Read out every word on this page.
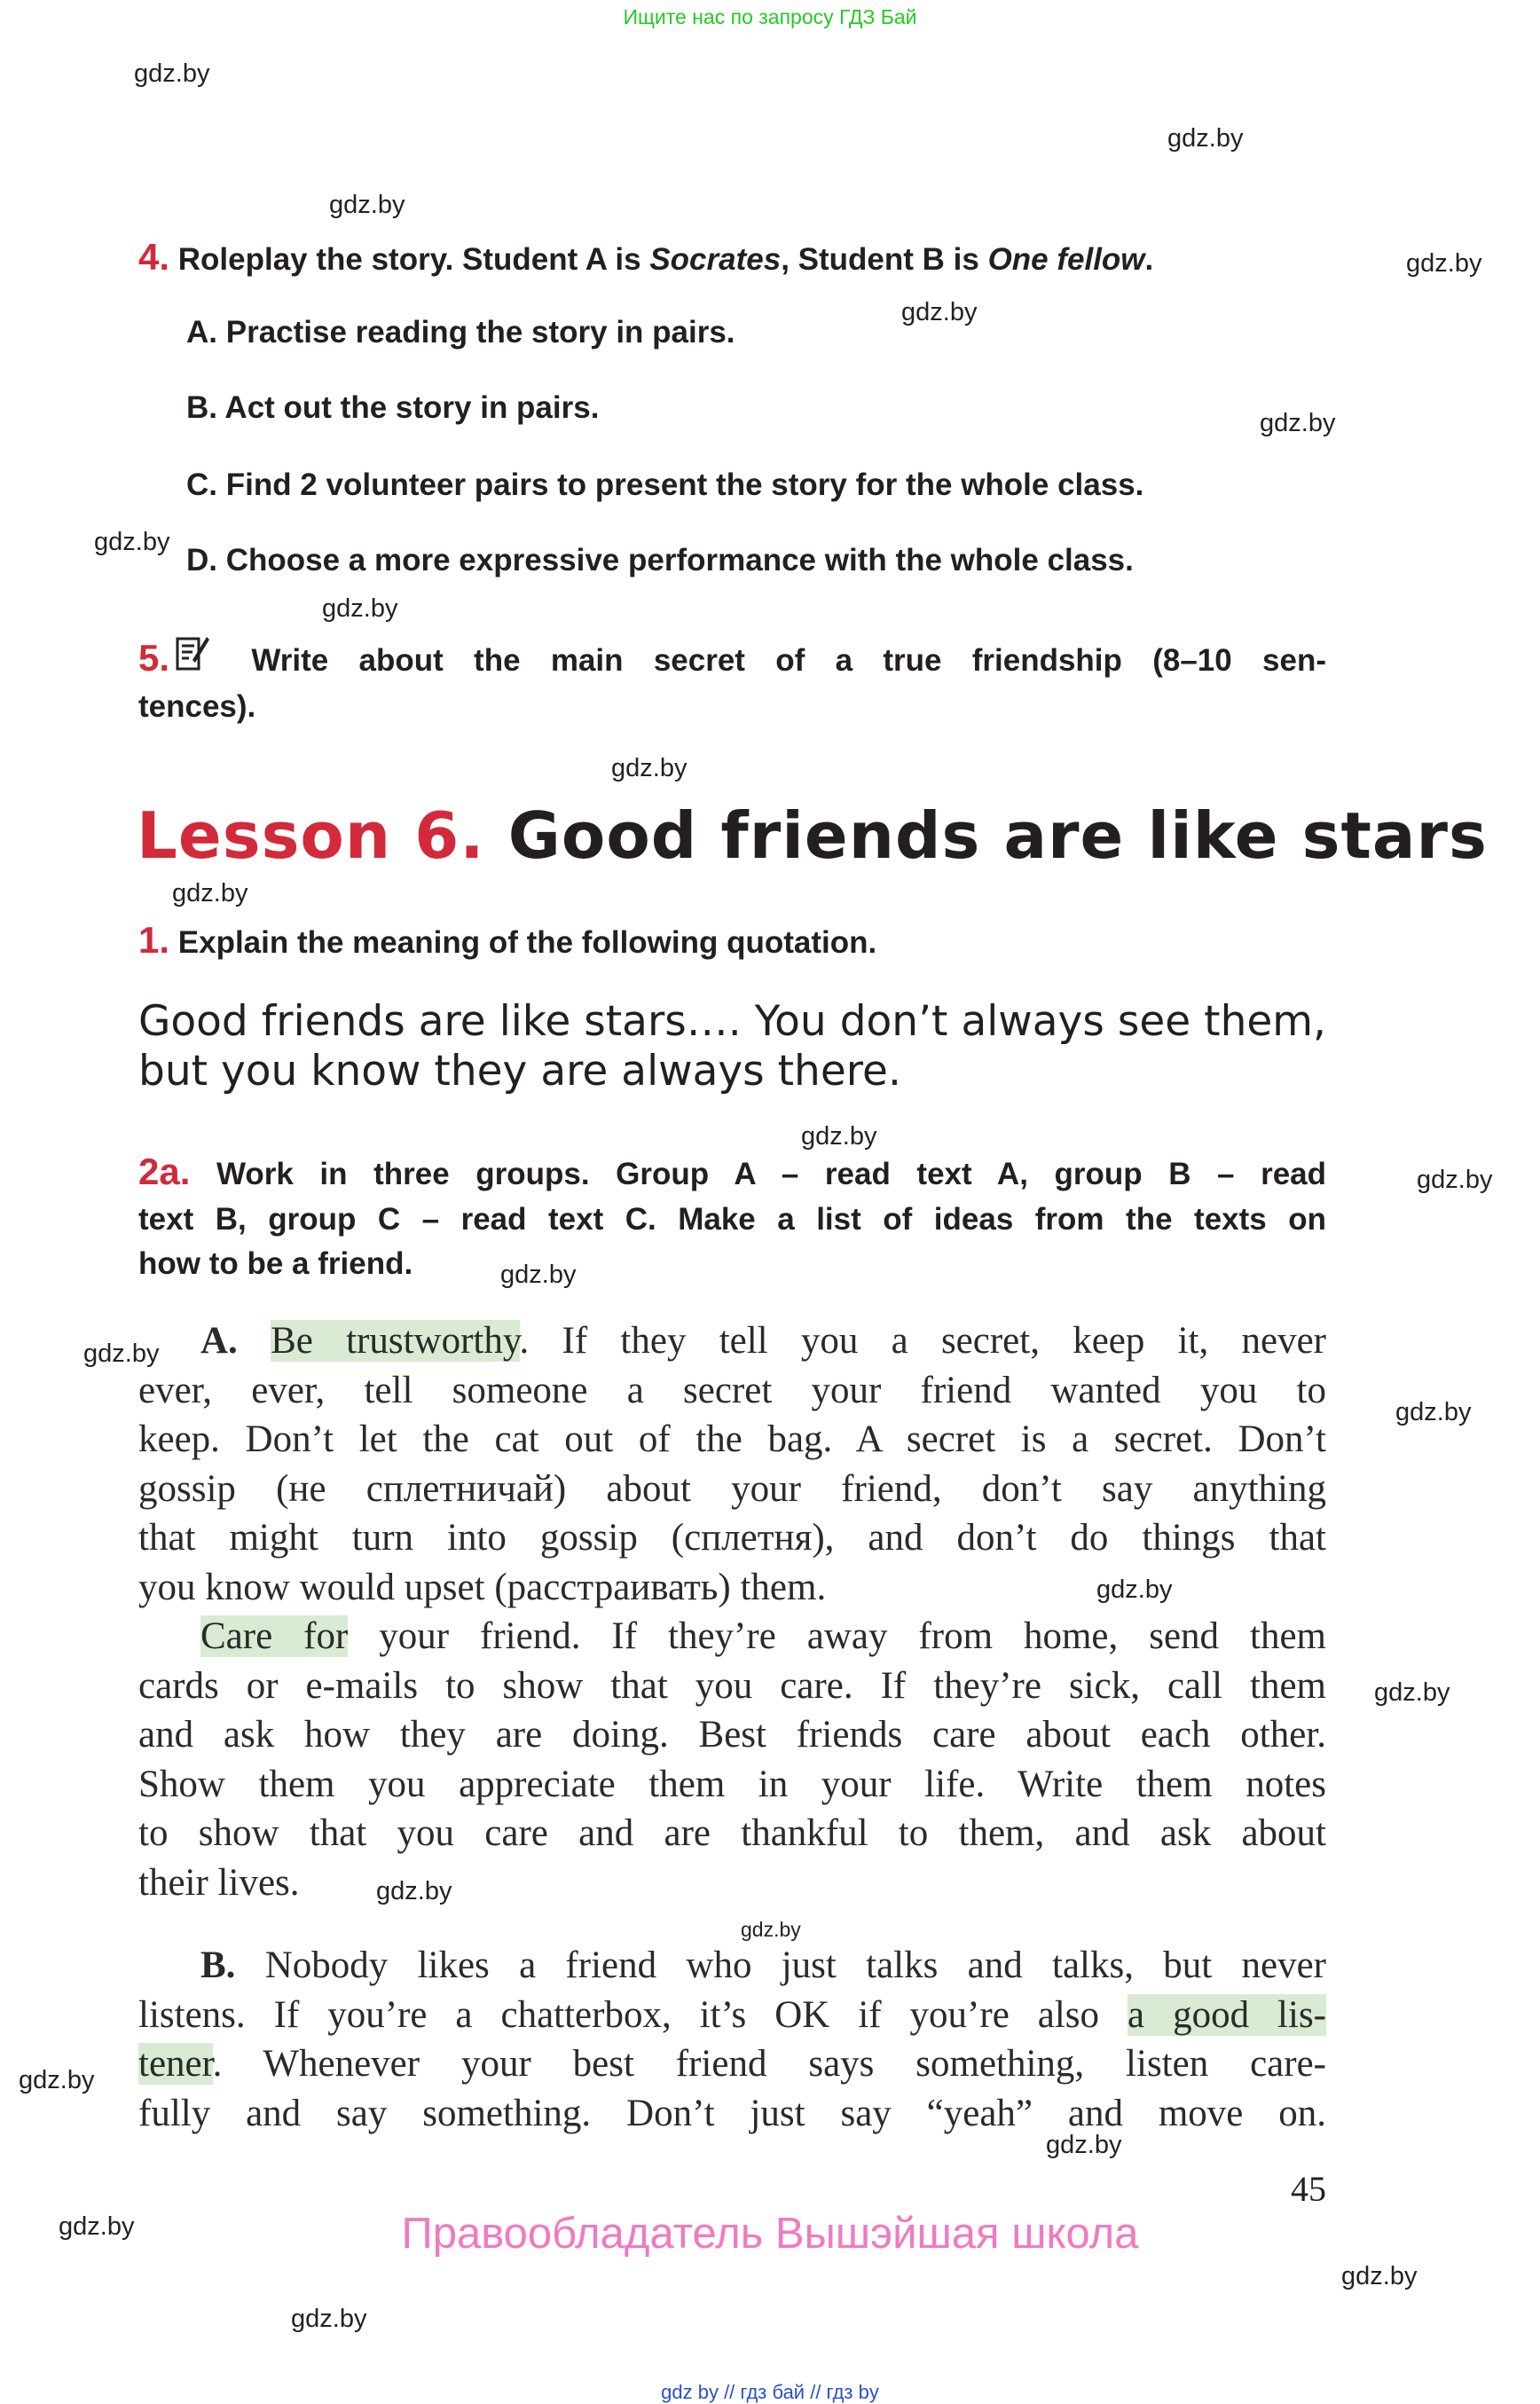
Ищите нас по запросу ГДЗ Бай
gdz.by
gdz.by
gdz.by
gdz.by
gdz.by
gdz.by
gdz.by
gdz.by
gdz.by
gdz.by
gdz.by
gdz.by
gdz.by
gdz.by
gdz.by
gdz.by
gdz.by
gdz.by
gdz.by
gdz.by
gdz.by
gdz.by
gdz.by
gdz.by
4. Roleplay the story. Student A is Socrates, Student B is One fellow.
A. Practise reading the story in pairs.
B. Act out the story in pairs.
C. Find 2 volunteer pairs to present the story for the whole class.
D. Choose a more expressive performance with the whole class.
5.	Write about the main secret of a true friendship (8–10 sen-
tences).
Lesson 6. Good friends are like stars
1. Explain the meaning of the following quotation.
Good friends are like stars…. You don’t always see them,
but you know they are always there.
2a. Work in three groups. Group A – read text A, group B – read
text B, group C – read text C. Make a list of ideas from the texts on
how to be a friend.
A. Be trustworthy. If they tell you a secret, keep it, never
ever, ever, tell someone a secret your friend wanted you to
keep. Don’t let the cat out of the bag. A secret is a secret. Don’t
gossip (не сплетничай) about your friend, don’t say anything
that might turn into gossip (сплетня), and don’t do things that
you know would upset (расстраивать) them.
Care for your friend. If they’re away from home, send them
cards or e-mails to show that you care. If they’re sick, call them
and ask how they are doing. Best friends care about each other.
Show them you appreciate them in your life. Write them notes
to show that you care and are thankful to them, and ask about
their lives.
B. Nobody likes a friend who just talks and talks, but never
listens. If you’re a chatterbox, it’s OK if you’re also a good lis-
tener. Whenever your best friend says something, listen care-
fully and say something. Don’t just say “yeah” and move on.
45
Правообладатель Вышэйшая школа
gdz by // гдз бай // гдз by
